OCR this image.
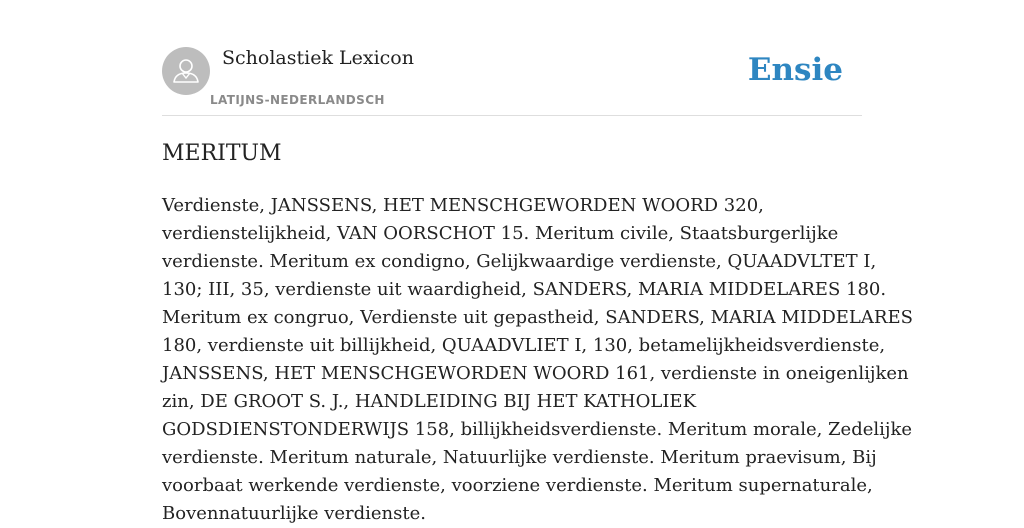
Scholastiek Lexicon
LATIJNS-NEDERLANDSCH
Ensie
MERITUM
Verdienste, JANSSENS, HET MENSCHGEWORDEN WOORD 320,
verdienstelijkheid, VAN OORSCHOT 15. Meritum civile, Staatsburgerlijke
verdienste. Meritum ex condigno, Gelijkwaardige verdienste, QUAADVLTET I,
130; III, 35, verdienste uit waardigheid, SANDERS, MARIA MIDDELARES 180.
Meritum ex congruo, Verdienste uit gepastheid, SANDERS, MARIA MIDDELARES
180, verdienste uit billijkheid, QUAADVLIET I, 130, betamelijkheidsverdienste,
JANSSENS, HET MENSCHGEWORDEN WOORD 161, verdienste in oneigenlijken
zin, DE GROOT S. J., HANDLEIDING BIJ HET KATHOLIEK
GODSDIENSTONDERWIJS 158, billijkheidsverdienste. Meritum morale, Zedelijke
verdienste. Meritum naturale, Natuurlijke verdienste. Meritum praevisum, Bij
voorbaat werkende verdienste, voorziene verdienste. Meritum supernaturale,
Bovennatuurlijke verdienste.
